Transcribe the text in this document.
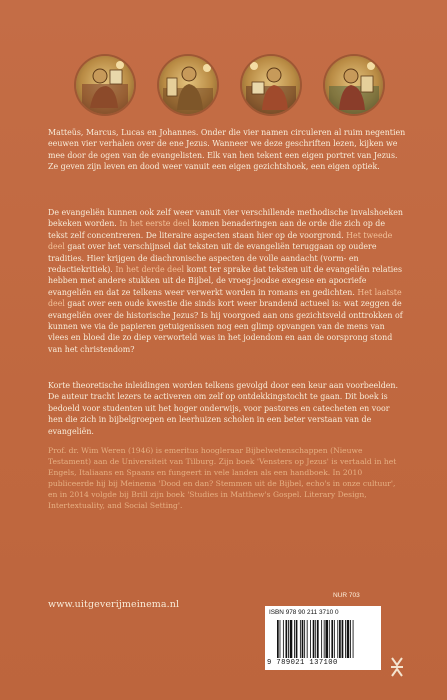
Matteüs, Marcus, Lucas en Johannes. Onder die vier namen circuleren al ruim negentien eeuwen vier verhalen over de ene Jezus. Wanneer we deze geschriften lezen, kijken we mee door de ogen van de evangelisten. Elk van hen tekent een eigen portret van Jezus. Ze geven zijn leven en dood weer vanuit een eigen gezichtshoek, een eigen optiek.

De evangeliën kunnen ook zelf weer vanuit vier verschillende methodische invalshoeken bekeken worden. In het eerste deel komen benaderingen aan de orde die zich op de tekst zelf concentreren. De literaire aspecten staan hier op de voorgrond. Het tweede deel gaat over het verschijnsel dat teksten uit de evangeliën teruggaan op oudere tradities. Hier krijgen de diachronische aspecten de volle aandacht (vorm- en redactiekritiek). In het derde deel komt ter sprake dat teksten uit de evangeliën relaties hebben met andere stukken uit de Bijbel, de vroeg-joodse exegese en apocriefe evangeliën en dat ze telkens weer verwerkt worden in romans en gedichten. Het laatste deel gaat over een oude kwestie die sinds kort weer brandend actueel is: wat zeggen de evangeliën over de historische Jezus? Is hij voorgoed aan ons gezichtsveld onttrokken of kunnen we via de papieren getuigenissen nog een glimp opvangen van de mens van vlees en bloed die zo diep verworteld was in het jodendom en aan de oorsprong stond van het christendom?

Korte theoretische inleidingen worden telkens gevolgd door een keur aan voorbeelden. De auteur tracht lezers te activeren om zelf op ontdekkingstocht te gaan. Dit boek is bedoeld voor studenten uit het hoger onderwijs, voor pastores en catecheten en voor hen die zich in bijbelgroepen en leerhuizen scholen in een beter verstaan van de evangeliën.

Prof. dr. Wim Weren (1946) is emeritus hoogleraar Bijbelwetenschappen (Nieuwe Testament) aan de Universiteit van Tilburg. Zijn boek 'Vensters op Jezus' is vertaald in het Engels, Italiaans en Spaans en fungeert in vele landen als een handboek. In 2010 publiceerde hij bij Meinema 'Dood en dan? Stemmen uit de Bijbel, echo's in onze cultuur', en in 2014 volgde bij Brill zijn boek 'Studies in Matthew's Gospel. Literary Design, Intertextuality, and Social Setting'.

www.uitgeverijmeinema.nl
NUR 703
ISBN 978 90 211 3710 0
9 789021 137100
